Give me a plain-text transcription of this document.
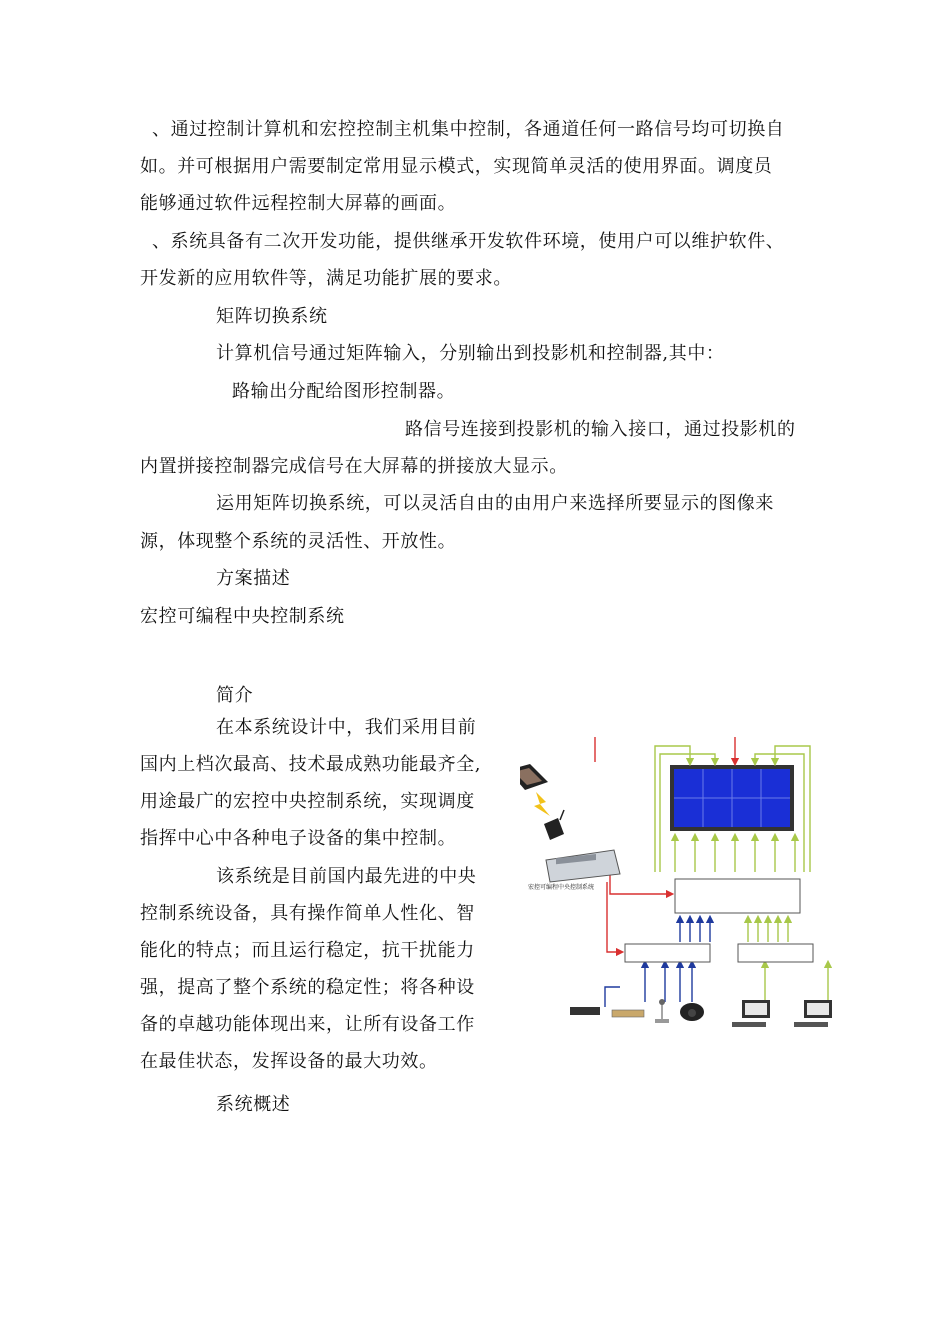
、通过控制计算机和宏控控制主机集中控制，各通道任何一路信号均可切换自
如。并可根据用户需要制定常用显示模式，实现简单灵活的使用界面。调度员
能够通过软件远程控制大屏幕的画面。
、系统具备有二次开发功能，提供继承开发软件环境，使用户可以维护软件、
开发新的应用软件等，满足功能扩展的要求。
矩阵切换系统
计算机信号通过矩阵输入，分别输出到投影机和控制器,其中：
路输出分配给图形控制器。
路信号连接到投影机的输入接口，通过投影机的
内置拼接控制器完成信号在大屏幕的拼接放大显示。
运用矩阵切换系统，可以灵活自由的由用户来选择所要显示的图像来
源，体现整个系统的灵活性、开放性。
方案描述
宏控可编程中央控制系统
简介
在本系统设计中，我们采用目前
国内上档次最高、技术最成熟功能最齐全,
用途最广的宏控中央控制系统，实现调度
指挥中心中各种电子设备的集中控制。
该系统是目前国内最先进的中央
控制系统设备，具有操作简单人性化、智
能化的特点；而且运行稳定，抗干扰能力
强，提高了整个系统的稳定性；将各种设
备的卓越功能体现出来，让所有设备工作
在最佳状态，发挥设备的最大功效。
系统概述
宏控可编程中央控制系统
